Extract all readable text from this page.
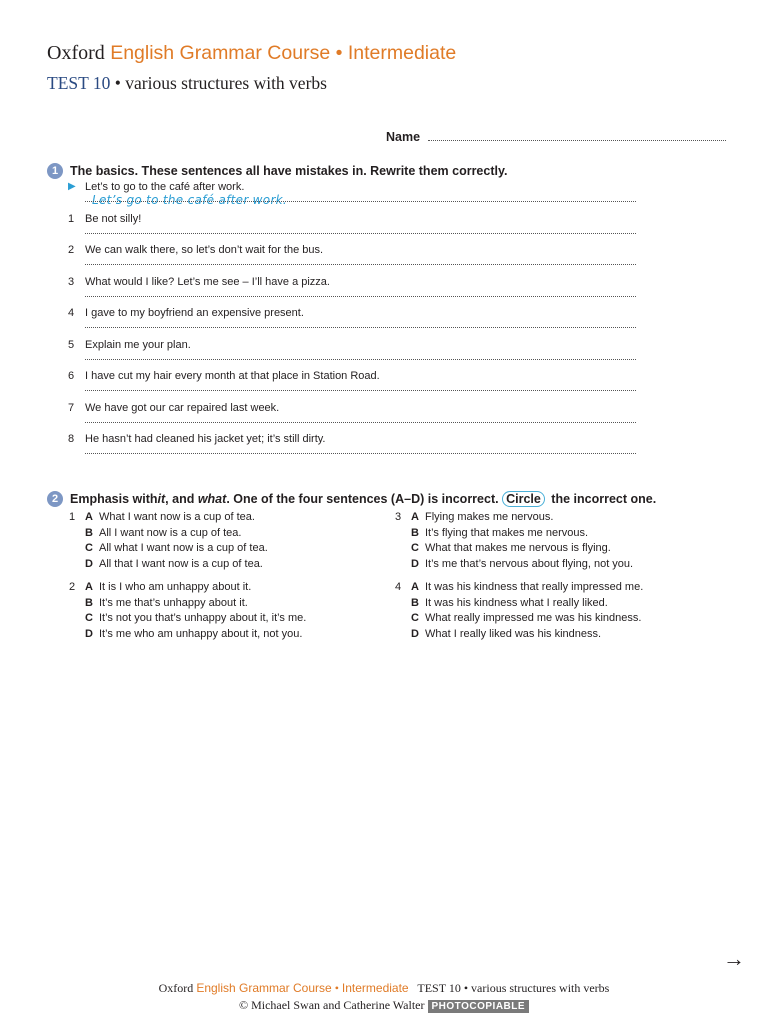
Oxford English Grammar Course • Intermediate
TEST 10 • various structures with verbs
Name
1 The basics. These sentences all have mistakes in. Rewrite them correctly.
▶ Let’s to go to the café after work.
Let’s go to the café after work.
1 Be not silly!
2 We can walk there, so let’s don’t wait for the bus.
3 What would I like? Let’s me see – I’ll have a pizza.
4 I gave to my boyfriend an expensive present.
5 Explain me your plan.
6 I have cut my hair every month at that place in Station Road.
7 We have got our car repaired last week.
8 He hasn’t had cleaned his jacket yet; it’s still dirty.
2 Emphasis with it , and what . One of the four sentences (A–D) is incorrect. Circle the incorrect one.
1 A What I want now is a cup of tea.
B All I want now is a cup of tea.
C All what I want now is a cup of tea.
D All that I want now is a cup of tea.
2 A It is I who am unhappy about it.
B It’s me that’s unhappy about it.
C It’s not you that’s unhappy about it, it’s me.
D It’s me who am unhappy about it, not you.
3 A Flying makes me nervous.
B It’s flying that makes me nervous.
C What that makes me nervous is flying.
D It’s me that’s nervous about flying, not you.
4 A It was his kindness that really impressed me.
B It was his kindness what I really liked.
C What really impressed me was his kindness.
D What I really liked was his kindness.
→
Oxford English Grammar Course • Intermediate TEST 10 • various structures with verbs
© Michael Swan and Catherine Walter PHOTOCOPIABLE
